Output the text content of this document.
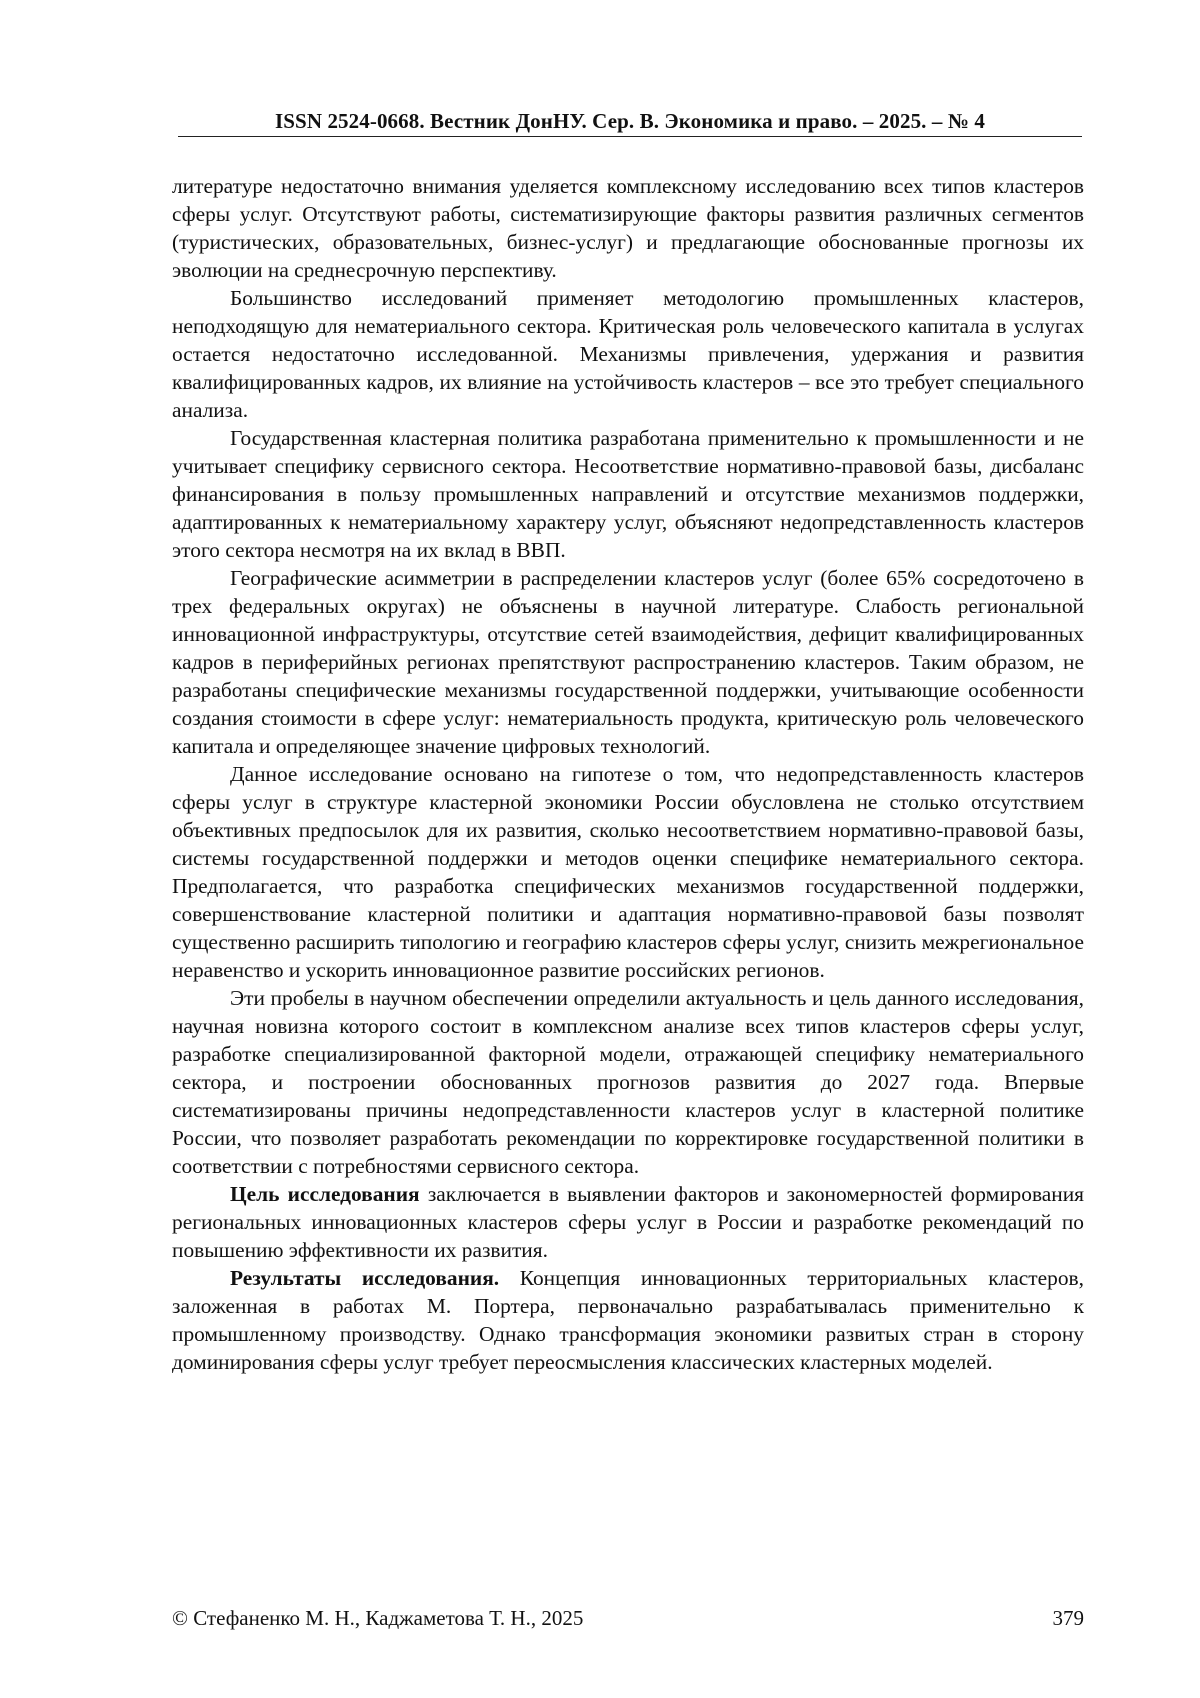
ISSN 2524-0668. Вестник ДонНУ. Сер. В. Экономика и право. – 2025. – № 4

литературе недостаточно внимания уделяется комплексному исследованию всех типов кластеров сферы услуг. Отсутствуют работы, систематизирующие факторы развития различных сегментов (туристических, образовательных, бизнес-услуг) и предлагающие обоснованные прогнозы их эволюции на среднесрочную перспективу.

Большинство исследований применяет методологию промышленных кластеров, неподходящую для нематериального сектора. Критическая роль человеческого капитала в услугах остается недостаточно исследованной. Механизмы привлечения, удержания и развития квалифицированных кадров, их влияние на устойчивость кластеров – все это требует специального анализа.

Государственная кластерная политика разработана применительно к промышленности и не учитывает специфику сервисного сектора. Несоответствие нормативно-правовой базы, дисбаланс финансирования в пользу промышленных направлений и отсутствие механизмов поддержки, адаптированных к нематериальному характеру услуг, объясняют недопредставленность кластеров этого сектора несмотря на их вклад в ВВП.

Географические асимметрии в распределении кластеров услуг (более 65% сосредоточено в трех федеральных округах) не объяснены в научной литературе. Слабость региональной инновационной инфраструктуры, отсутствие сетей взаимодействия, дефицит квалифицированных кадров в периферийных регионах препятствуют распространению кластеров. Таким образом, не разработаны специфические механизмы государственной поддержки, учитывающие особенности создания стоимости в сфере услуг: нематериальность продукта, критическую роль человеческого капитала и определяющее значение цифровых технологий.

Данное исследование основано на гипотезе о том, что недопредставленность кластеров сферы услуг в структуре кластерной экономики России обусловлена не столько отсутствием объективных предпосылок для их развития, сколько несоответствием нормативно-правовой базы, системы государственной поддержки и методов оценки специфике нематериального сектора. Предполагается, что разработка специфических механизмов государственной поддержки, совершенствование кластерной политики и адаптация нормативно-правовой базы позволят существенно расширить типологию и географию кластеров сферы услуг, снизить межрегиональное неравенство и ускорить инновационное развитие российских регионов.

Эти пробелы в научном обеспечении определили актуальность и цель данного исследования, научная новизна которого состоит в комплексном анализе всех типов кластеров сферы услуг, разработке специализированной факторной модели, отражающей специфику нематериального сектора, и построении обоснованных прогнозов развития до 2027 года. Впервые систематизированы причины недопредставленности кластеров услуг в кластерной политике России, что позволяет разработать рекомендации по корректировке государственной политики в соответствии с потребностями сервисного сектора.

Цель исследования заключается в выявлении факторов и закономерностей формирования региональных инновационных кластеров сферы услуг в России и разработке рекомендаций по повышению эффективности их развития.

Результаты исследования. Концепция инновационных территориальных кластеров, заложенная в работах М. Портера, первоначально разрабатывалась применительно к промышленному производству. Однако трансформация экономики развитых стран в сторону доминирования сферы услуг требует переосмысления классических кластерных моделей.

© Стефаненко М. Н., Каджаметова Т. Н., 2025	379
